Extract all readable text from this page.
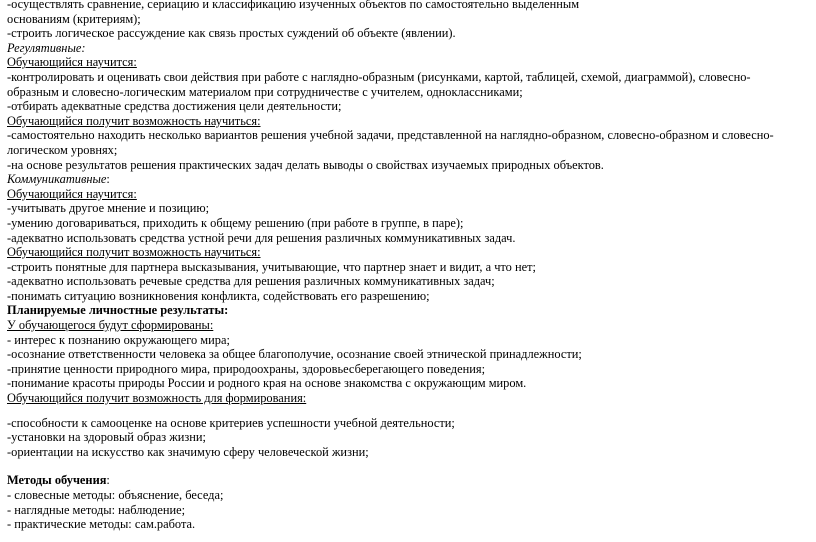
-осуществлять сравнение, сериацию и классификацию изученных объектов по самостоятельно выделенным

основаниям (критериям);

-строить логическое рассуждение как связь простых суждений об объекте (явлении).

Регулятивные:

Обучающийся научится:

-контролировать и оценивать свои действия при работе с наглядно-образным (рисунками, картой, таблицей, схемой, диаграммой), словесно-

образным и словесно-логическим материалом при сотрудничестве с учителем, одноклассниками;

-отбирать адекватные средства достижения цели деятельности;

Обучающийся получит возможность научиться:

-самостоятельно находить несколько вариантов решения учебной задачи, представленной на наглядно-образном, словесно-образном и словесно-

логическом уровнях;

-на основе результатов решения практических задач делать выводы о свойствах изучаемых природных объектов.

Коммуникативные:

Обучающийся научится:

-учитывать другое мнение и позицию;

-умению договариваться, приходить к общему решению (при работе в группе, в паре);

-адекватно использовать средства устной речи для решения различных коммуникативных задач.

Обучающийся получит возможность научиться:

-строить понятные для партнера высказывания, учитывающие, что партнер знает и видит, а что нет;

-адекватно использовать речевые средства для решения различных коммуникативных задач;

-понимать ситуацию возникновения конфликта, содействовать его разрешению;

Планируемые личностные результаты:

У обучающегося будут сформированы:

- интерес к познанию окружающего мира;

-осознание ответственности человека за общее благополучие, осознание своей этнической принадлежности;

-принятие ценности природного мира, природоохраны, здоровьесберегающего поведения;

-понимание красоты природы России и родного края на основе знакомства с окружающим миром.

Обучающийся получит возможность для формирования:

-способности к самооценке на основе критериев успешности учебной деятельности;

-установки на здоровый образ жизни;

-ориентации на искусство как значимую сферу человеческой жизни;

Методы обучения:

- словесные методы: объяснение, беседа;

- наглядные методы: наблюдение;

- практические методы: сам.работа.
